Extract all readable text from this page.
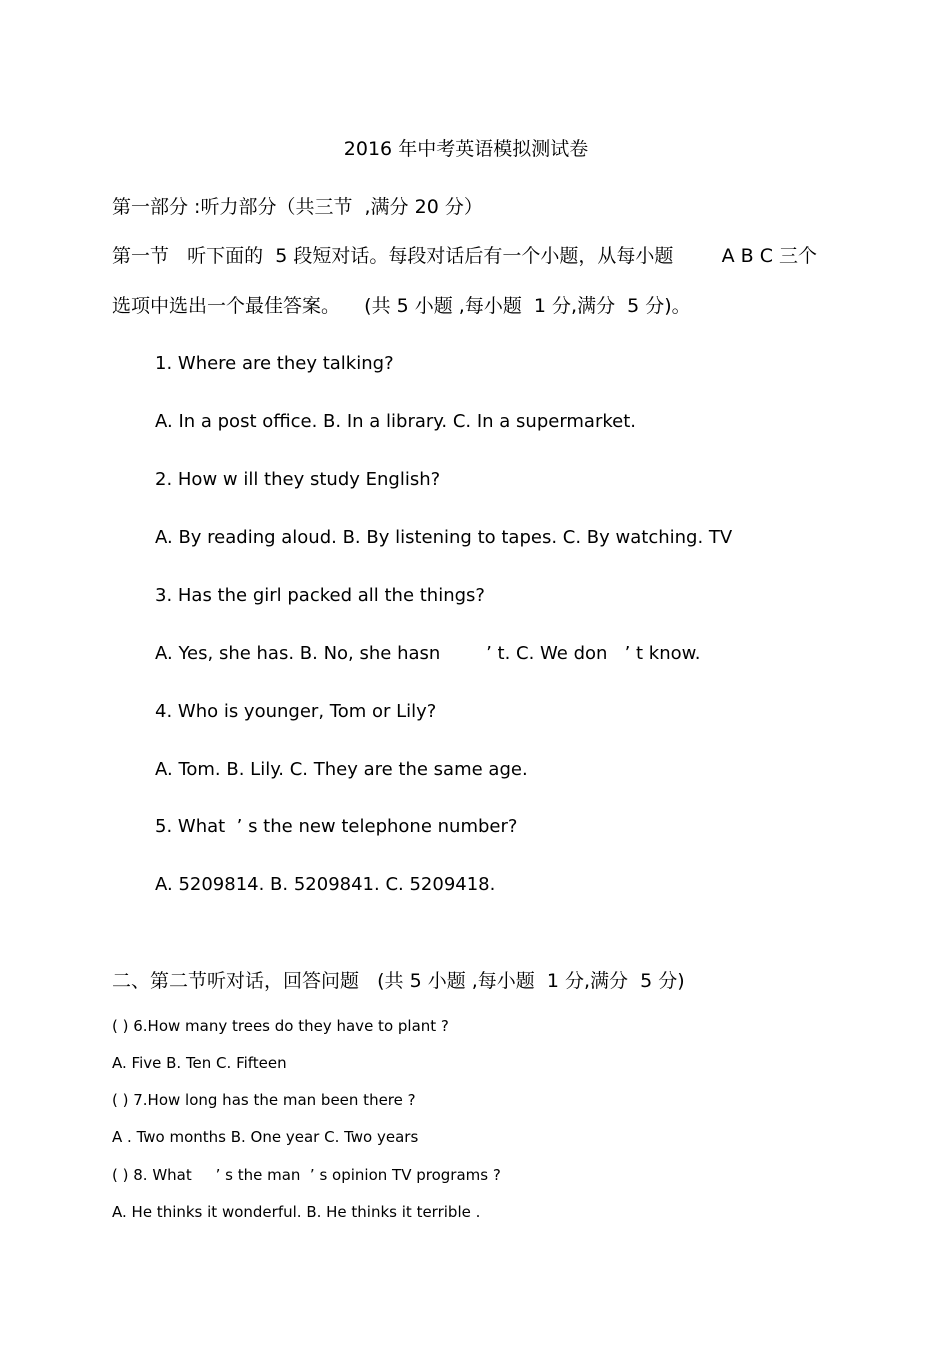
2016 年中考英语模拟测试卷
第一部分 :听力部分（共三节  ,满分 20 分）
第一节   听下面的  5 段短对话。每段对话后有一个小题，从每小题        A B C 三个
选项中选出一个最佳答案。    (共 5 小题 ,每小题  1 分,满分  5 分)。
1. Where are they talking?
A. In a post office. B. In a library. C. In a supermarket.
2. How w ill they study English?
A. By reading aloud. B. By listening to tapes. C. By watching. TV
3. Has the girl packed all the things?
A. Yes, she has. B. No, she hasn        ’ t. C. We don   ’ t know.
4. Who is younger, Tom or Lily?
A. Tom. B. Lily. C. They are the same age.
5. What  ’ s the new telephone number?
A. 5209814. B. 5209841. C. 5209418.
二、第二节听对话，回答问题   (共 5 小题 ,每小题  1 分,满分  5 分)
( ) 6.How many trees do they have to plant ?
A. Five B. Ten C. Fifteen
( ) 7.How long has the man been there ?
A . Two months B. One year C. Two years
( ) 8. What     ’ s the man  ’ s opinion TV programs ?
A. He thinks it wonderful. B. He thinks it terrible .
